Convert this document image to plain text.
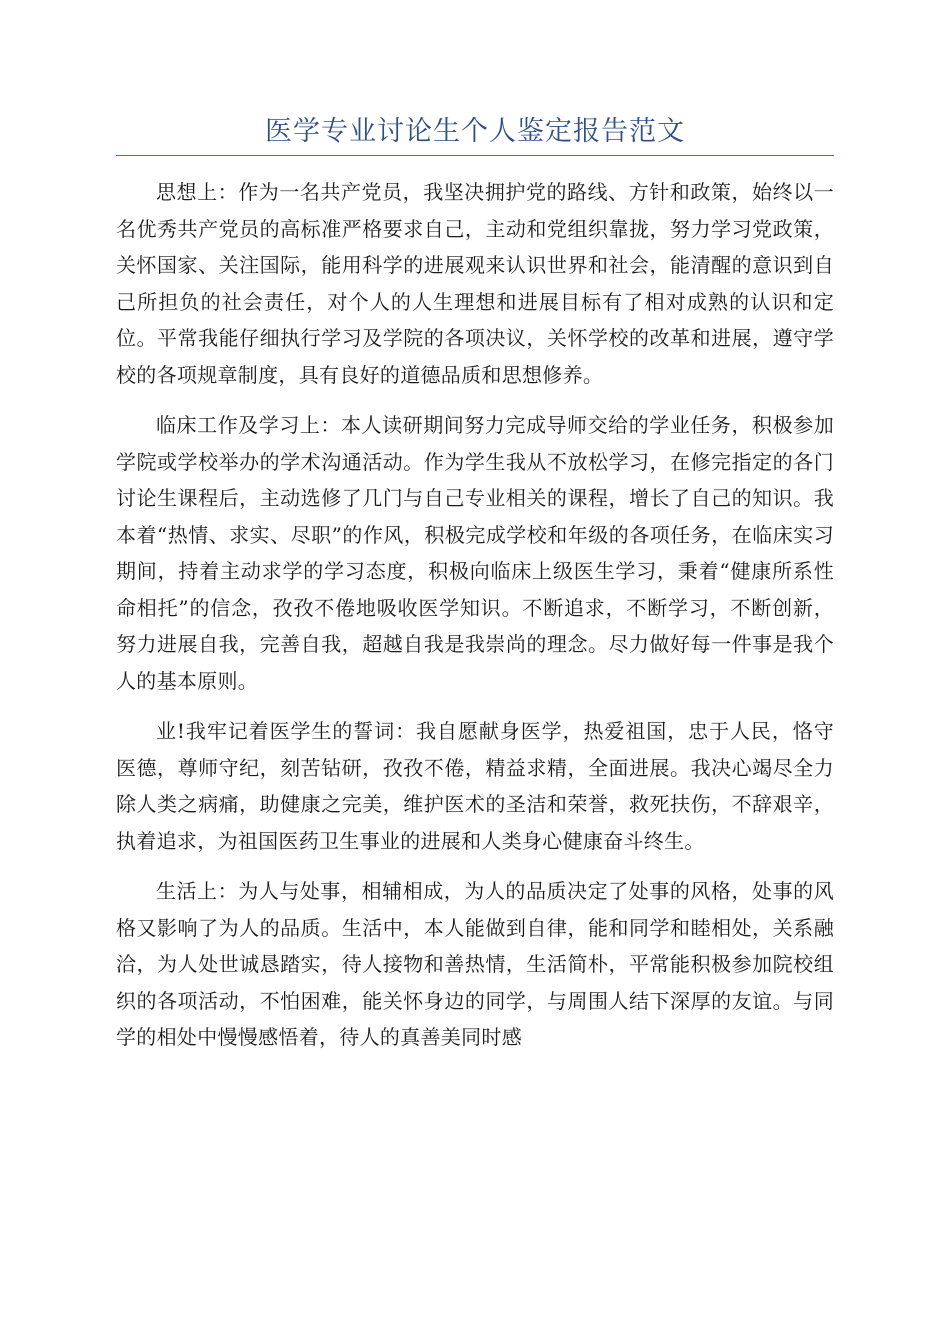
医学专业讨论生个人鉴定报告范文

思想上：作为一名共产党员，我坚决拥护党的路线、方针和政策，始终以一名优秀共产党员的高标准严格要求自己，主动和党组织靠拢，努力学习党政策，关怀国家、关注国际，能用科学的进展观来认识世界和社会，能清醒的意识到自己所担负的社会责任，对个人的人生理想和进展目标有了相对成熟的认识和定位。平常我能仔细执行学习及学院的各项决议，关怀学校的改革和进展，遵守学校的各项规章制度，具有良好的道德品质和思想修养。

临床工作及学习上：本人读研期间努力完成导师交给的学业任务，积极参加学院或学校举办的学术沟通活动。作为学生我从不放松学习，在修完指定的各门讨论生课程后，主动选修了几门与自己专业相关的课程，增长了自己的知识。我本着“热情、求实、尽职”的作风，积极完成学校和年级的各项任务，在临床实习期间，持着主动求学的学习态度，积极向临床上级医生学习，秉着“健康所系性命相托”的信念，孜孜不倦地吸收医学知识。不断追求，不断学习，不断创新，努力进展自我，完善自我，超越自我是我崇尚的理念。尽力做好每一件事是我个人的基本原则。

业!我牢记着医学生的誓词：我自愿献身医学，热爱祖国，忠于人民，恪守医德，尊师守纪，刻苦钻研，孜孜不倦，精益求精，全面进展。我决心竭尽全力除人类之病痛，助健康之完美，维护医术的圣洁和荣誉，救死扶伤，不辞艰辛，执着追求，为祖国医药卫生事业的进展和人类身心健康奋斗终生。

生活上：为人与处事，相辅相成，为人的品质决定了处事的风格，处事的风格又影响了为人的品质。生活中，本人能做到自律，能和同学和睦相处，关系融洽，为人处世诚恳踏实，待人接物和善热情，生活简朴，平常能积极参加院校组织的各项活动，不怕困难，能关怀身边的同学，与周围人结下深厚的友谊。与同学的相处中慢慢感悟着，待人的真善美同时感
